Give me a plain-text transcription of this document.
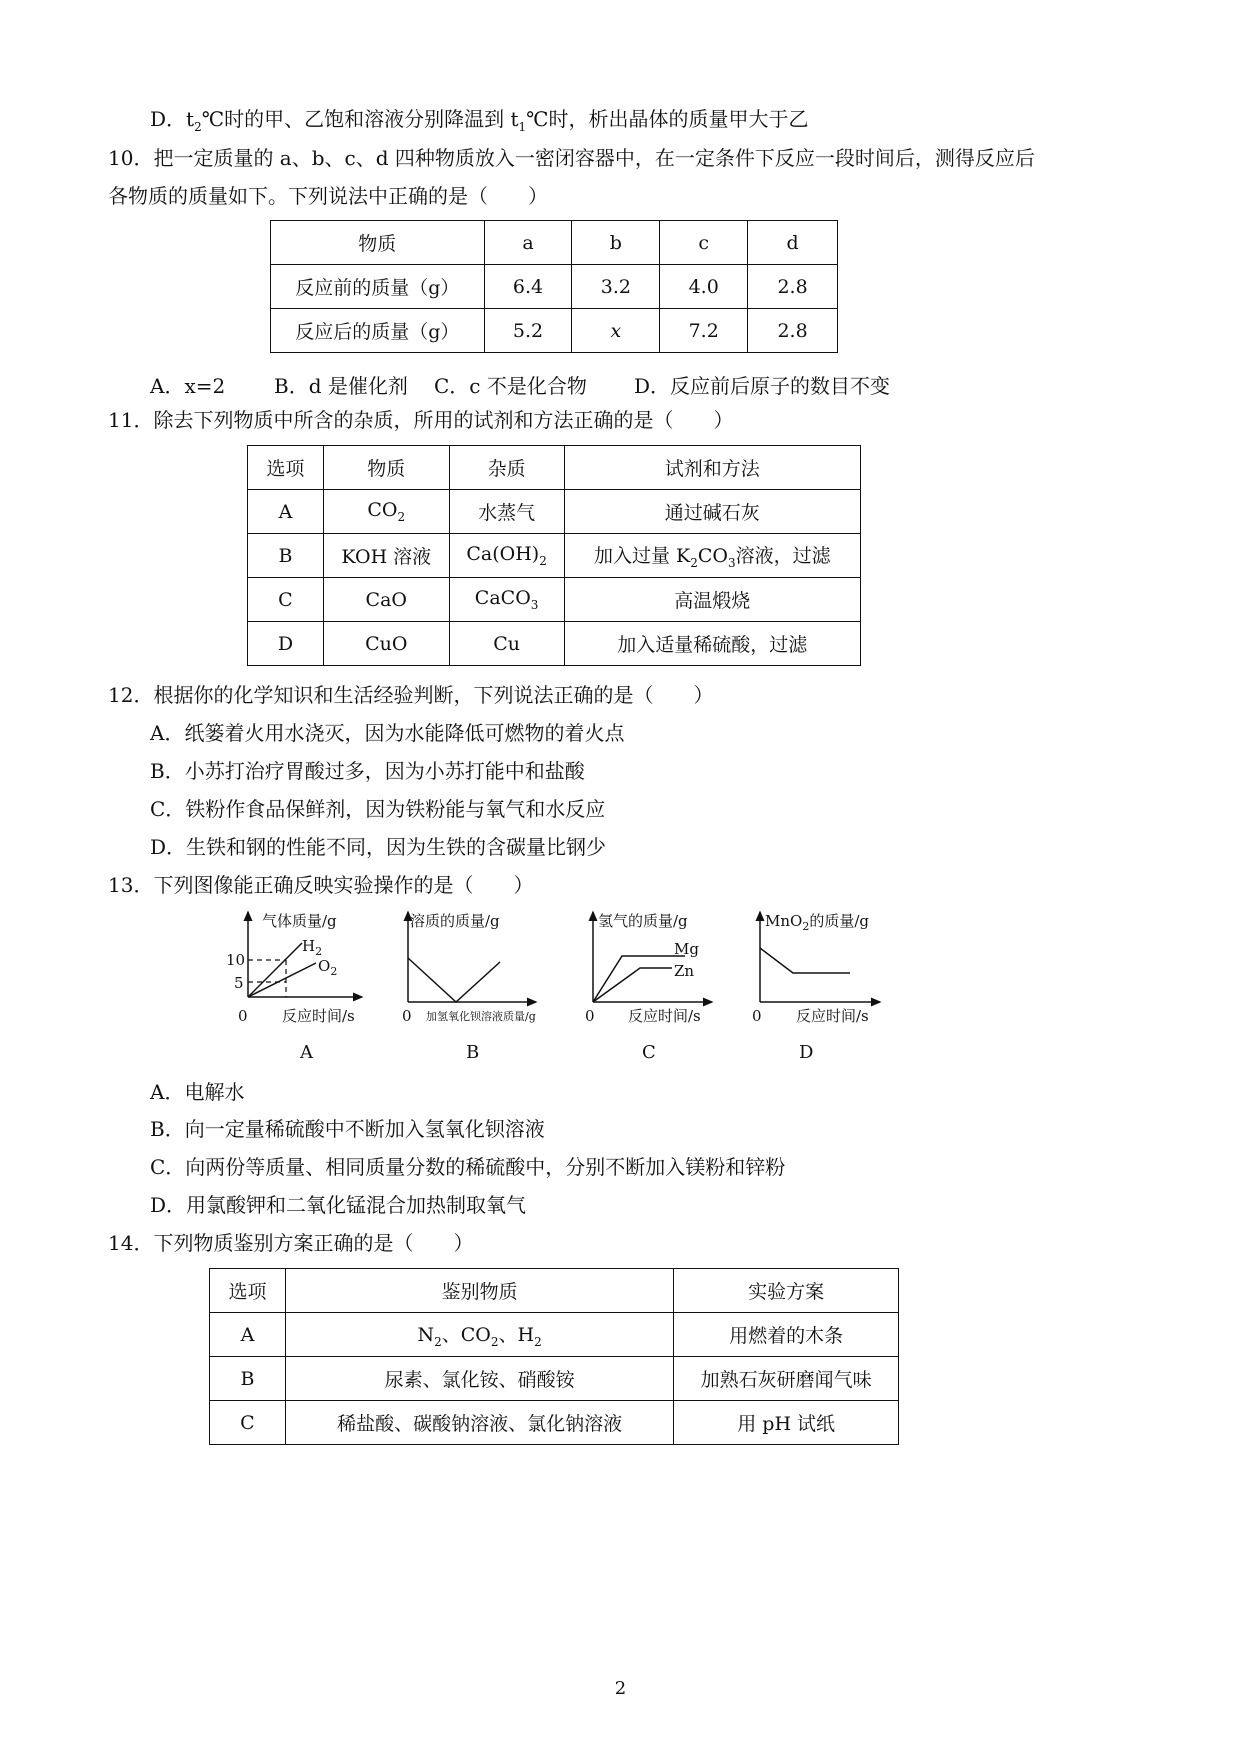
D．$t_2℃$时的甲、乙饱和溶液分别降温到 $t_1℃$时，析出晶体的质量甲大于乙
10．把一定质量的 a、b、c、d 四种物质放入一密闭容器中，在一定条件下反应一段时间后，测得反应后
各物质的质量如下。下列说法中正确的是（　　）
物质	a	b	c	d
反应前的质量（g）	6.4	3.2	4.0	2.8
反应后的质量（g）	5.2	x	7.2	2.8
A．x=2 B．d 是催化剂 C．c 不是化合物 D．反应前后原子的数目不变
11．除去下列物质中所含的杂质，所用的试剂和方法正确的是（　　）
选项	物质	杂质	试剂和方法
A	$CO_2$	水蒸气	通过碱石灰
B	KOH 溶液	$Ca(OH)_2$	加入过量 $K_2CO_3$溶液，过滤
C	CaO	CaCO$_3$	高温煅烧
D	CuO	Cu	加入适量稀硫酸，过滤
12．根据你的化学知识和生活经验判断，下列说法正确的是（　　）
A．纸篓着火用水浇灭，因为水能降低可燃物的着火点
B．小苏打治疗胃酸过多，因为小苏打能中和盐酸
C．铁粉作食品保鲜剂，因为铁粉能与氧气和水反应
D．生铁和钢的性能不同，因为生铁的含碳量比钢少
13．下列图像能正确反映实验操作的是（　　）
气体质量/g
10
5
$H_2$
$O_2$
0 反应时间/s
A
溶质的质量/g
0 加氢氧化钡溶液质量/g
B
氢气的质量/g
Mg
Zn
0 反应时间/s
C
MnO$_2$的质量/g
0 反应时间/s
D
A．电解水
B．向一定量稀硫酸中不断加入氢氧化钡溶液
C．向两份等质量、相同质量分数的稀硫酸中，分别不断加入镁粉和锌粉
D．用氯酸钾和二氧化锰混合加热制取氧气
14．下列物质鉴别方案正确的是（　　）
选项	鉴别物质	实验方案
A	$N_2$、$CO_2$、$H_2$	用燃着的木条
B	尿素、氯化铵、硝酸铵	加熟石灰研磨闻气味
C	稀盐酸、碳酸钠溶液、氯化钠溶液	用 pH 试纸
2
